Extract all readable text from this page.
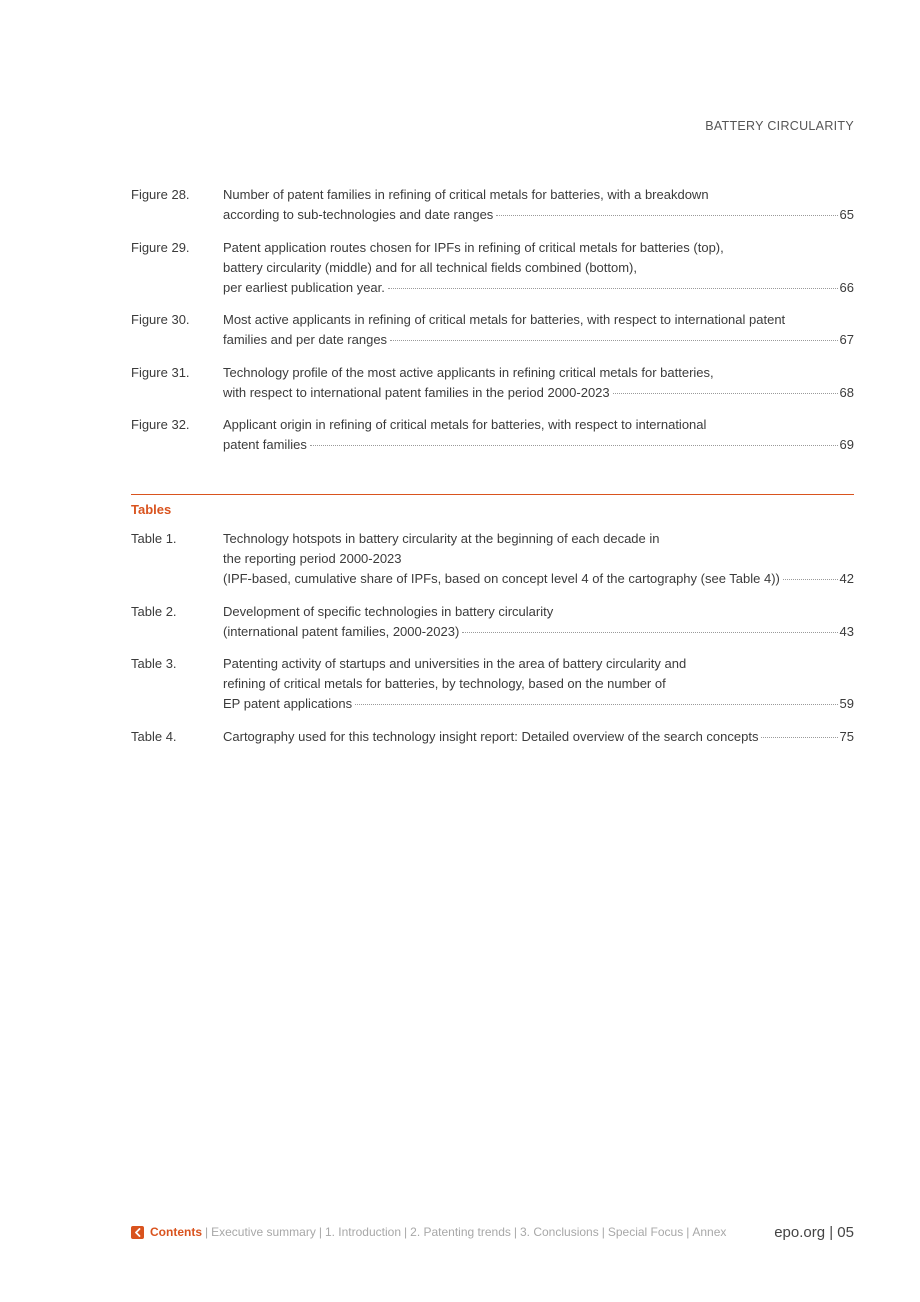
BATTERY CIRCULARITY
Figure 28.	Number of patent families in refining of critical metals for batteries, with a breakdown
according to sub-technologies and date ranges	65
Figure 29.	Patent application routes chosen for IPFs in refining of critical metals for batteries (top),
battery circularity (middle) and for all technical fields combined (bottom),
per earliest publication year.	66
Figure 30.	Most active applicants in refining of critical metals for batteries, with respect to international patent
families and per date ranges	67
Figure 31.	Technology profile of the most active applicants in refining critical metals for batteries,
with respect to international patent families in the period 2000-2023	68
Figure 32.	Applicant origin in refining of critical metals for batteries, with respect to international
patent families	69
Tables
Table 1.	Technology hotspots in battery circularity at the beginning of each decade in
the reporting period 2000-2023
(IPF-based, cumulative share of IPFs, based on concept level 4 of the cartography (see Table 4))	42
Table 2.	Development of specific technologies in battery circularity
(international patent families, 2000-2023)	43
Table 3.	Patenting activity of startups and universities in the area of battery circularity and
refining of critical metals for batteries, by technology, based on the number of
EP patent applications	59
Table 4.	Cartography used for this technology insight report: Detailed overview of the search concepts	75
Contents | Executive summary | 1. Introduction | 2. Patenting trends | 3. Conclusions | Special Focus | Annex	epo.org | 05
